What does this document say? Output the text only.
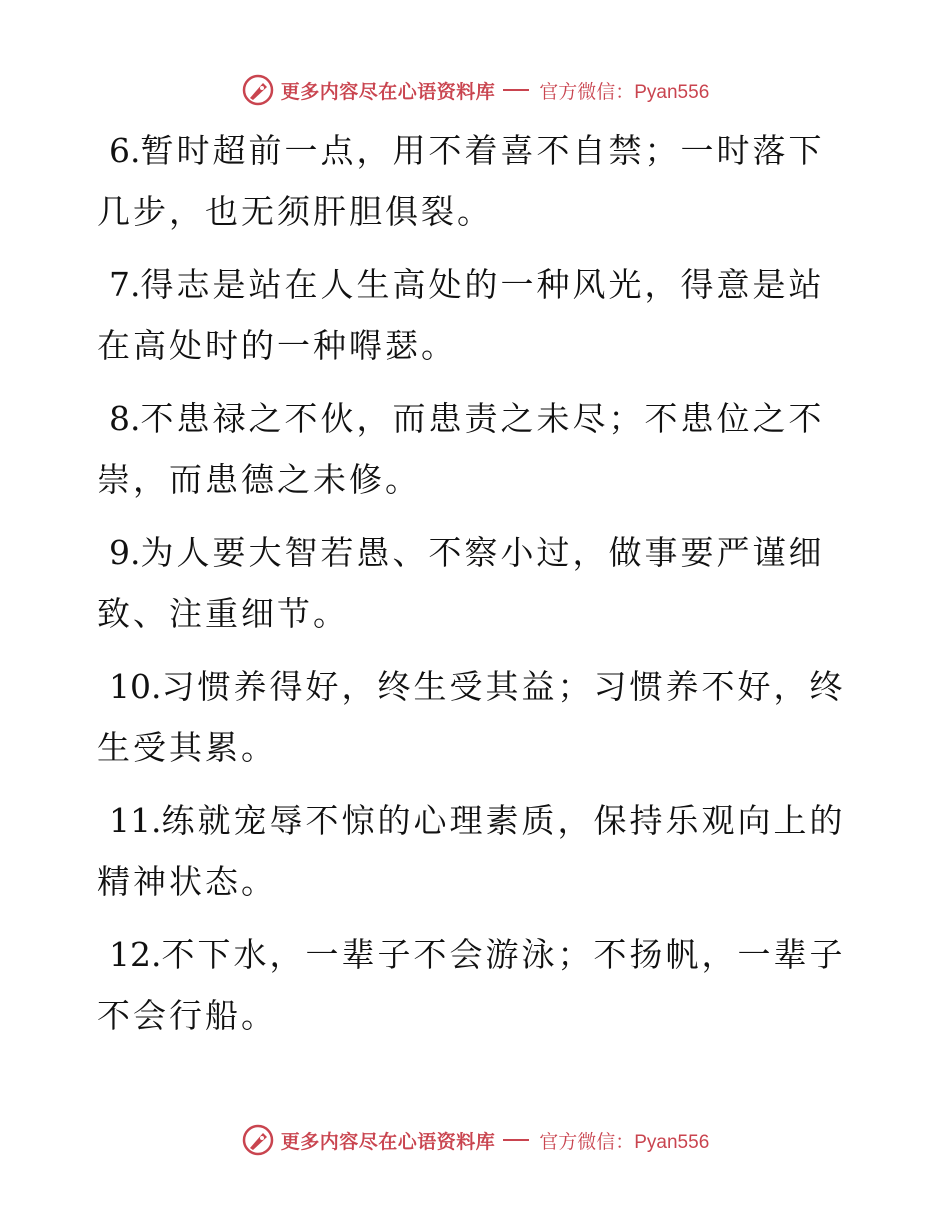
更多内容尽在心语资料库 官方微信：Pyan556

6.暂时超前一点，用不着喜不自禁；一时落下几步，也无须肝胆俱裂。

7.得志是站在人生高处的一种风光，得意是站在高处时的一种嘚瑟。

8.不患禄之不伙，而患责之未尽；不患位之不崇，而患德之未修。

9.为人要大智若愚、不察小过，做事要严谨细致、注重细节。

10.习惯养得好，终生受其益；习惯养不好，终生受其累。

11.练就宠辱不惊的心理素质，保持乐观向上的精神状态。

12.不下水，一辈子不会游泳；不扬帆，一辈子不会行船。

更多内容尽在心语资料库 官方微信：Pyan556
